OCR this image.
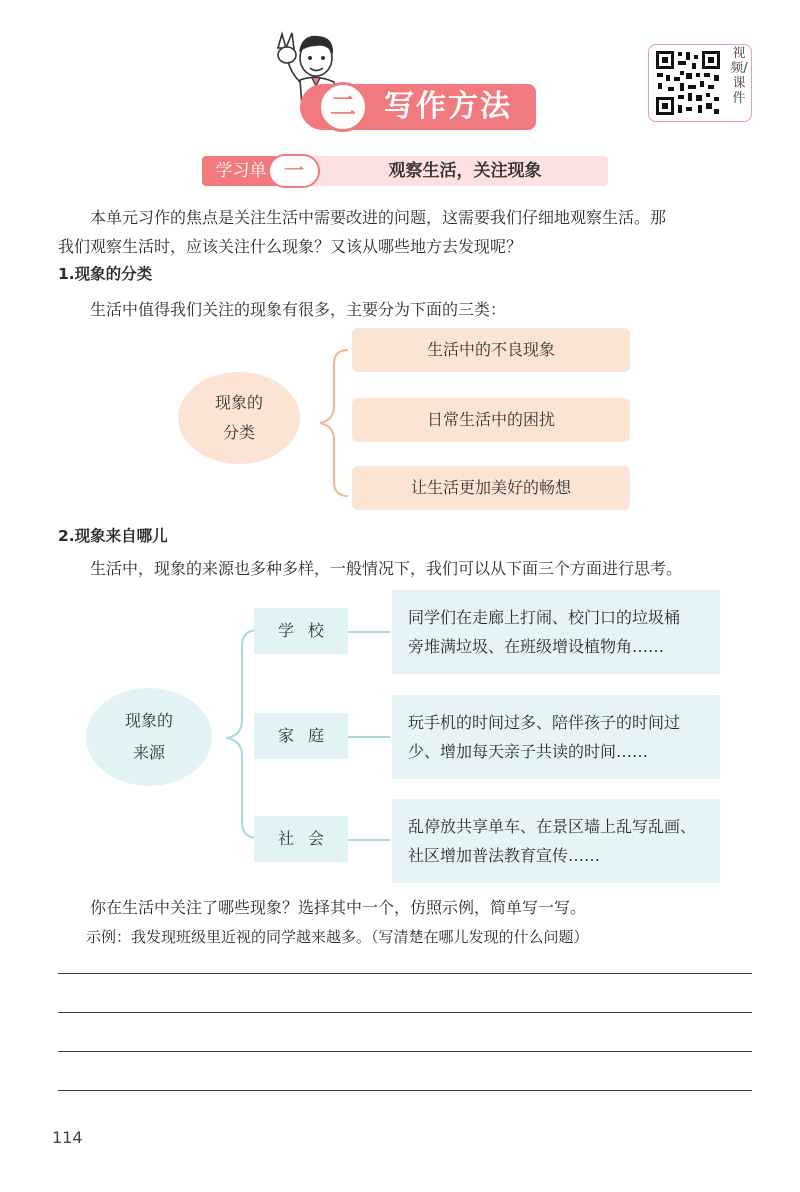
二 写作方法
视频/课件
学习单 一	观察生活，关注现象
本单元习作的焦点是关注生活中需要改进的问题，这需要我们仔细地观察生活。那
我们观察生活时，应该关注什么现象？又该从哪些地方去发现呢？
1.现象的分类
生活中值得我们关注的现象有很多，主要分为下面的三类：
现象的
分类
生活中的不良现象
日常生活中的困扰
让生活更加美好的畅想
2.现象来自哪儿
生活中，现象的来源也多种多样，一般情况下，我们可以从下面三个方面进行思考。
现象的
来源
学校
同学们在走廊上打闹、校门口的垃圾桶
旁堆满垃圾、在班级增设植物角……
家庭
玩手机的时间过多、陪伴孩子的时间过
少、增加每天亲子共读的时间……
社会
乱停放共享单车、在景区墙上乱写乱画、
社区增加普法教育宣传……
你在生活中关注了哪些现象？选择其中一个，仿照示例，简单写一写。
示例：我发现班级里近视的同学越来越多。（写清楚在哪儿发现的什么问题）
114
